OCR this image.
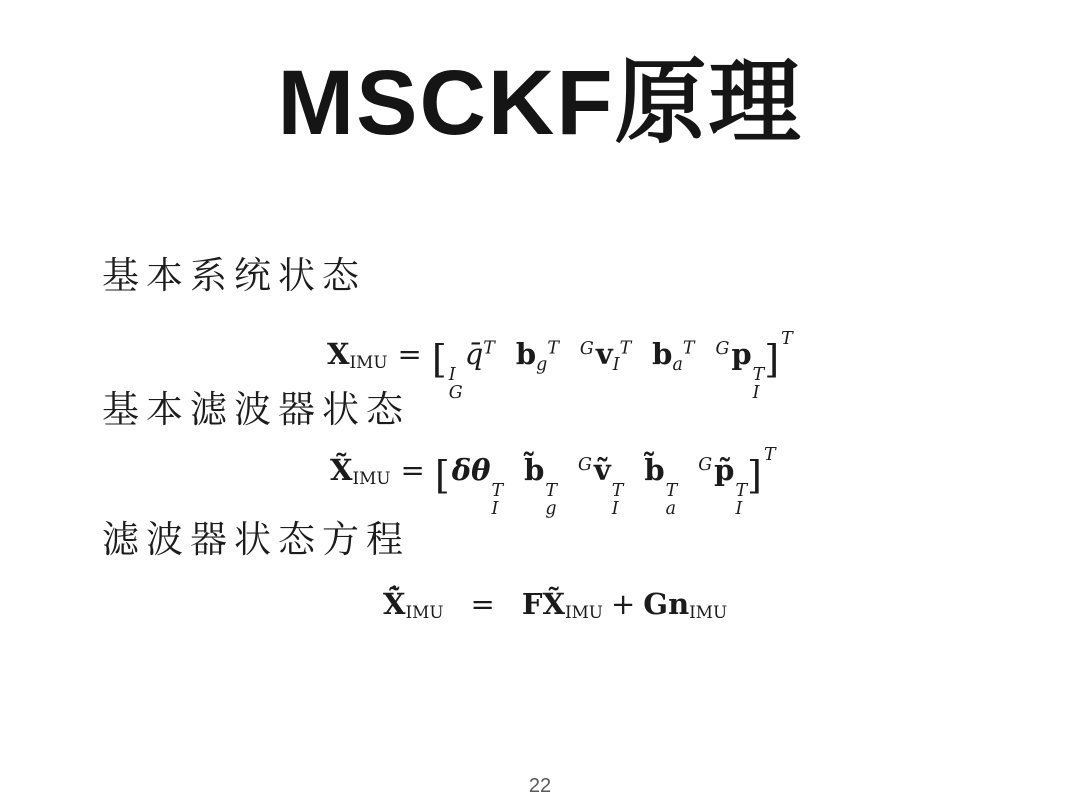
MSCKF原理
基本系统状态
XIMU = [ I
G
q̄$^T$ $b_g^T$ $^Gv_I^T$ $b_a^T$ $^G$p
T
I
] $^T$
基本滤波器状态
X̃IMU = [δθ
T
I
b̃
T
g
$^G$ṽ
T
I
b̃
T
a
$^G$p̃
T
I
] $^T$
滤波器状态方程
X̃̇IMU = FX̃IMU + GnIMU
22
